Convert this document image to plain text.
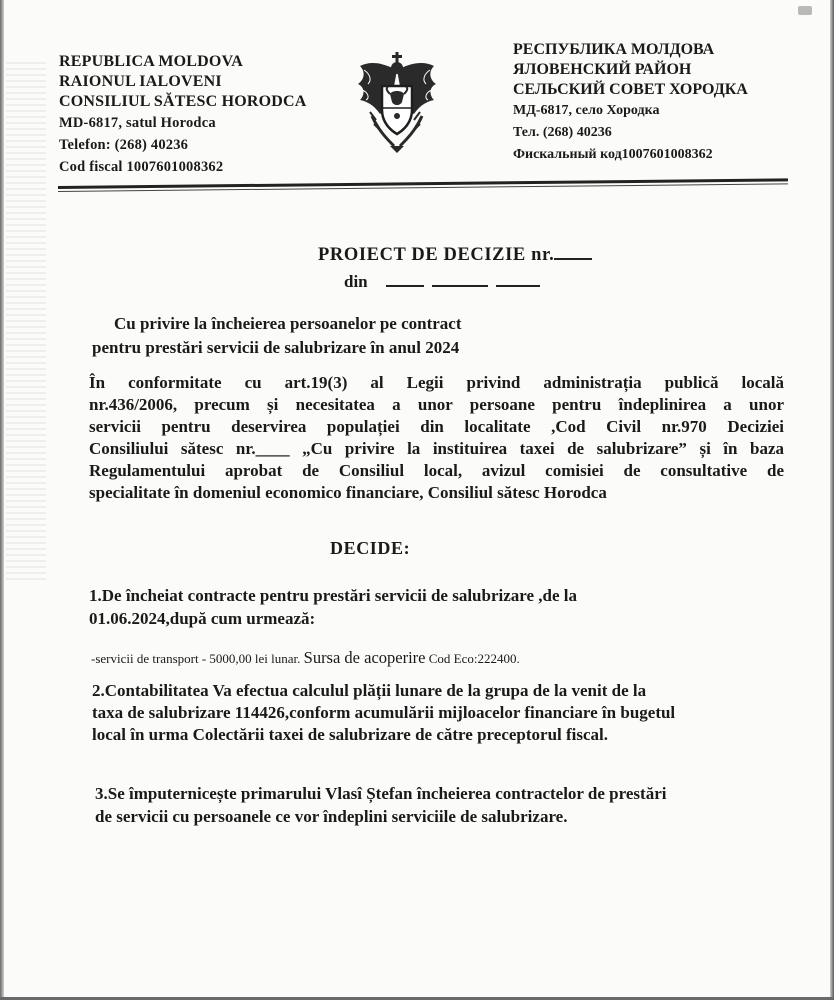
REPUBLICA MOLDOVA
RAIONUL IALOVENI
CONSILIUL SĂTESC HORODCA
MD-6817, satul Horodca
Telefon: (268) 40236
Cod fiscal 1007601008362
РЕСПУБЛИКА МОЛДОВА
ЯЛОВЕНСКИЙ РАЙОН
СЕЛЬСКИЙ СОВЕТ ХОРОДКА
МД-6817, село Хородка
Тел. (268) 40236
Фискальный код1007601008362
PROIECT DE DECIZIE nr.
din
Cu privire la încheierea persoanelor pe contract
pentru prestări servicii de salubrizare în anul 2024
În conformitate cu art.19(3) al Legii privind administrația publică locală
nr.436/2006, precum și necesitatea a unor persoane pentru îndeplinirea a unor
servicii pentru deservirea populației din localitate ,Cod Civil nr.970 Deciziei
Consiliului sătesc nr.____ „Cu privire la instituirea taxei de salubrizare” și în baza
Regulamentului aprobat de Consiliul local, avizul comisiei de consultative de
specialitate în domeniul economico financiare, Consiliul sătesc Horodca
DECIDE:
1.De încheiat contracte pentru prestări servicii de salubrizare ,de la
01.06.2024,după cum urmează:
-servicii de transport - 5000,00 lei lunar. Sursa de acoperire Cod Eco:222400.
2.Contabilitatea Va efectua calculul plății lunare de la grupa de la venit de la
taxa de salubrizare 114426,conform acumulării mijloacelor financiare în bugetul
local în urma Colectării taxei de salubrizare de către preceptorul fiscal.
3.Se împuternicește primarului Vlasî Ștefan încheierea contractelor de prestări
de servicii cu persoanele ce vor îndeplini serviciile de salubrizare.
